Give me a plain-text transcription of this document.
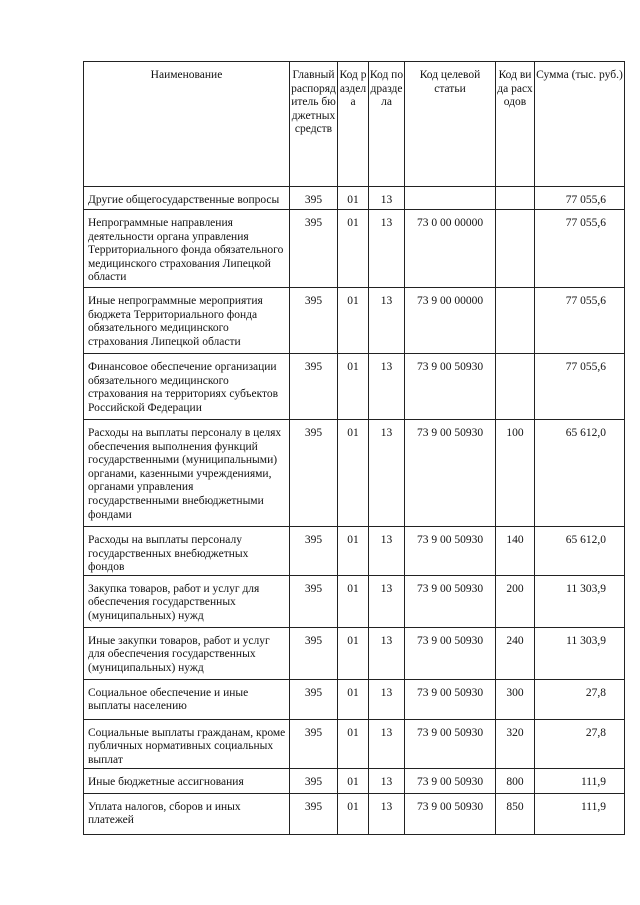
Наименование	Главный распорядитель бюджетных средств	Код раздела	Код подраздела	Код целевой статьи	Код вида расходов	Сумма (тыс. руб.)
Другие общегосударственные вопросы	395	01	13			77 055,6
Непрограммные направления деятельности органа управления Территориального фонда обязательного медицинского страхования Липецкой области	395	01	13	73 0 00 00000		77 055,6
Иные непрограммные мероприятия бюджета Территориального фонда обязательного медицинского страхования Липецкой области	395	01	13	73 9 00 00000		77 055,6
Финансовое обеспечение организации обязательного медицинского страхования на территориях субъектов Российской Федерации	395	01	13	73 9 00 50930		77 055,6
Расходы на выплаты персоналу в целях обеспечения выполнения функций государственными (муниципальными) органами, казенными учреждениями, органами управления государственными внебюджетными фондами	395	01	13	73 9 00 50930	100	65 612,0
Расходы на выплаты персоналу государственных внебюджетных фондов	395	01	13	73 9 00 50930	140	65 612,0
Закупка товаров, работ и услуг для обеспечения государственных (муниципальных) нужд	395	01	13	73 9 00 50930	200	11 303,9
Иные закупки товаров, работ и услуг для обеспечения государственных (муниципальных) нужд	395	01	13	73 9 00 50930	240	11 303,9
Социальное обеспечение и иные выплаты населению	395	01	13	73 9 00 50930	300	27,8
Социальные выплаты гражданам, кроме публичных нормативных социальных выплат	395	01	13	73 9 00 50930	320	27,8
Иные бюджетные ассигнования	395	01	13	73 9 00 50930	800	111,9
Уплата налогов, сборов и иных платежей	395	01	13	73 9 00 50930	850	111,9
